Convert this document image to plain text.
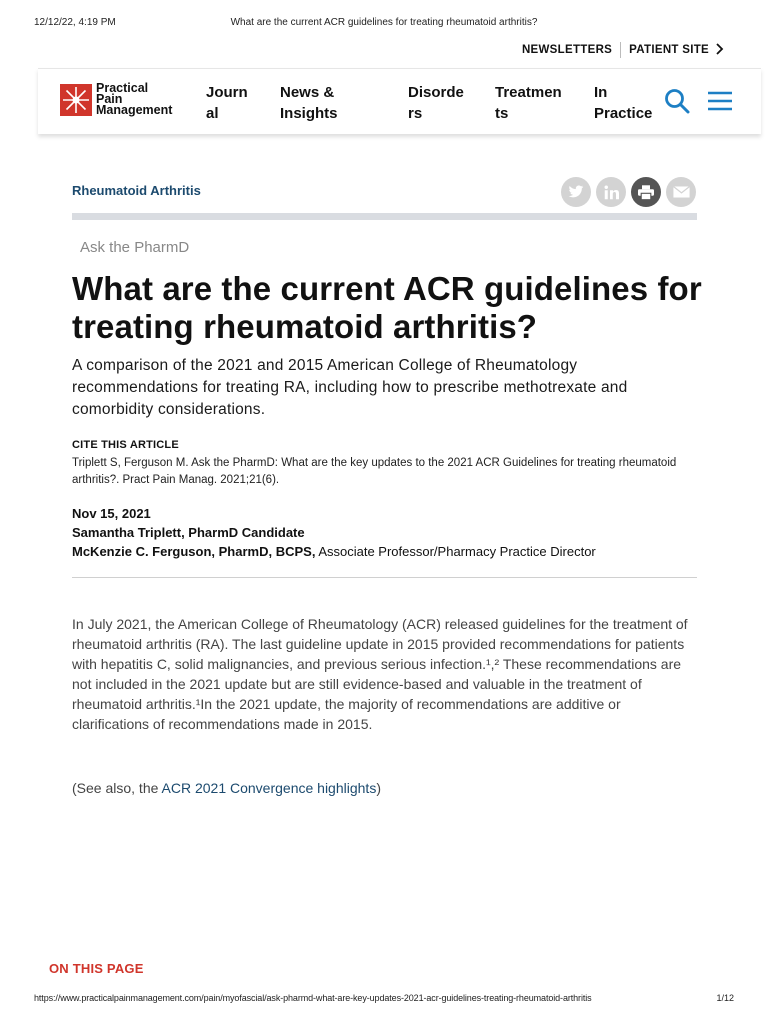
12/12/22, 4:19 PM	What are the current ACR guidelines for treating rheumatoid arthritis?
NEWSLETTERS PATIENT SITE
Practical
Pain
Management
Journ
al
News &
Insights
Disorde
rs
Treatmen
ts
In
Practice
Rheumatoid Arthritis
Ask the PharmD
What are the current ACR guidelines for treating rheumatoid arthritis?

A comparison of the 2021 and 2015 American College of Rheumatology recommendations for treating RA, including how to prescribe methotrexate and comorbidity considerations.

CITE THIS ARTICLE
Triplett S, Ferguson M. Ask the PharmD: What are the key updates to the 2021 ACR Guidelines for treating rheumatoid arthritis?. Pract Pain Manag. 2021;21(6).
Nov 15, 2021
Samantha Triplett, PharmD Candidate
McKenzie C. Ferguson, PharmD, BCPS, Associate Professor/Pharmacy Practice Director

In July 2021, the American College of Rheumatology (ACR) released guidelines for the treatment of rheumatoid arthritis (RA). The last guideline update in 2015 provided recommendations for patients with hepatitis C, solid malignancies, and previous serious infection.¹,² These recommendations are not included in the 2021 update but are still evidence-based and valuable in the treatment of rheumatoid arthritis.¹In the 2021 update, the majority of recommendations are additive or clarifications of recommendations made in 2015.

(See also, the ACR 2021 Convergence highlights)

ON THIS PAGE
https://www.practicalpainmanagement.com/pain/myofascial/ask-pharmd-what-are-key-updates-2021-acr-guidelines-treating-rheumatoid-arthritis	1/12
